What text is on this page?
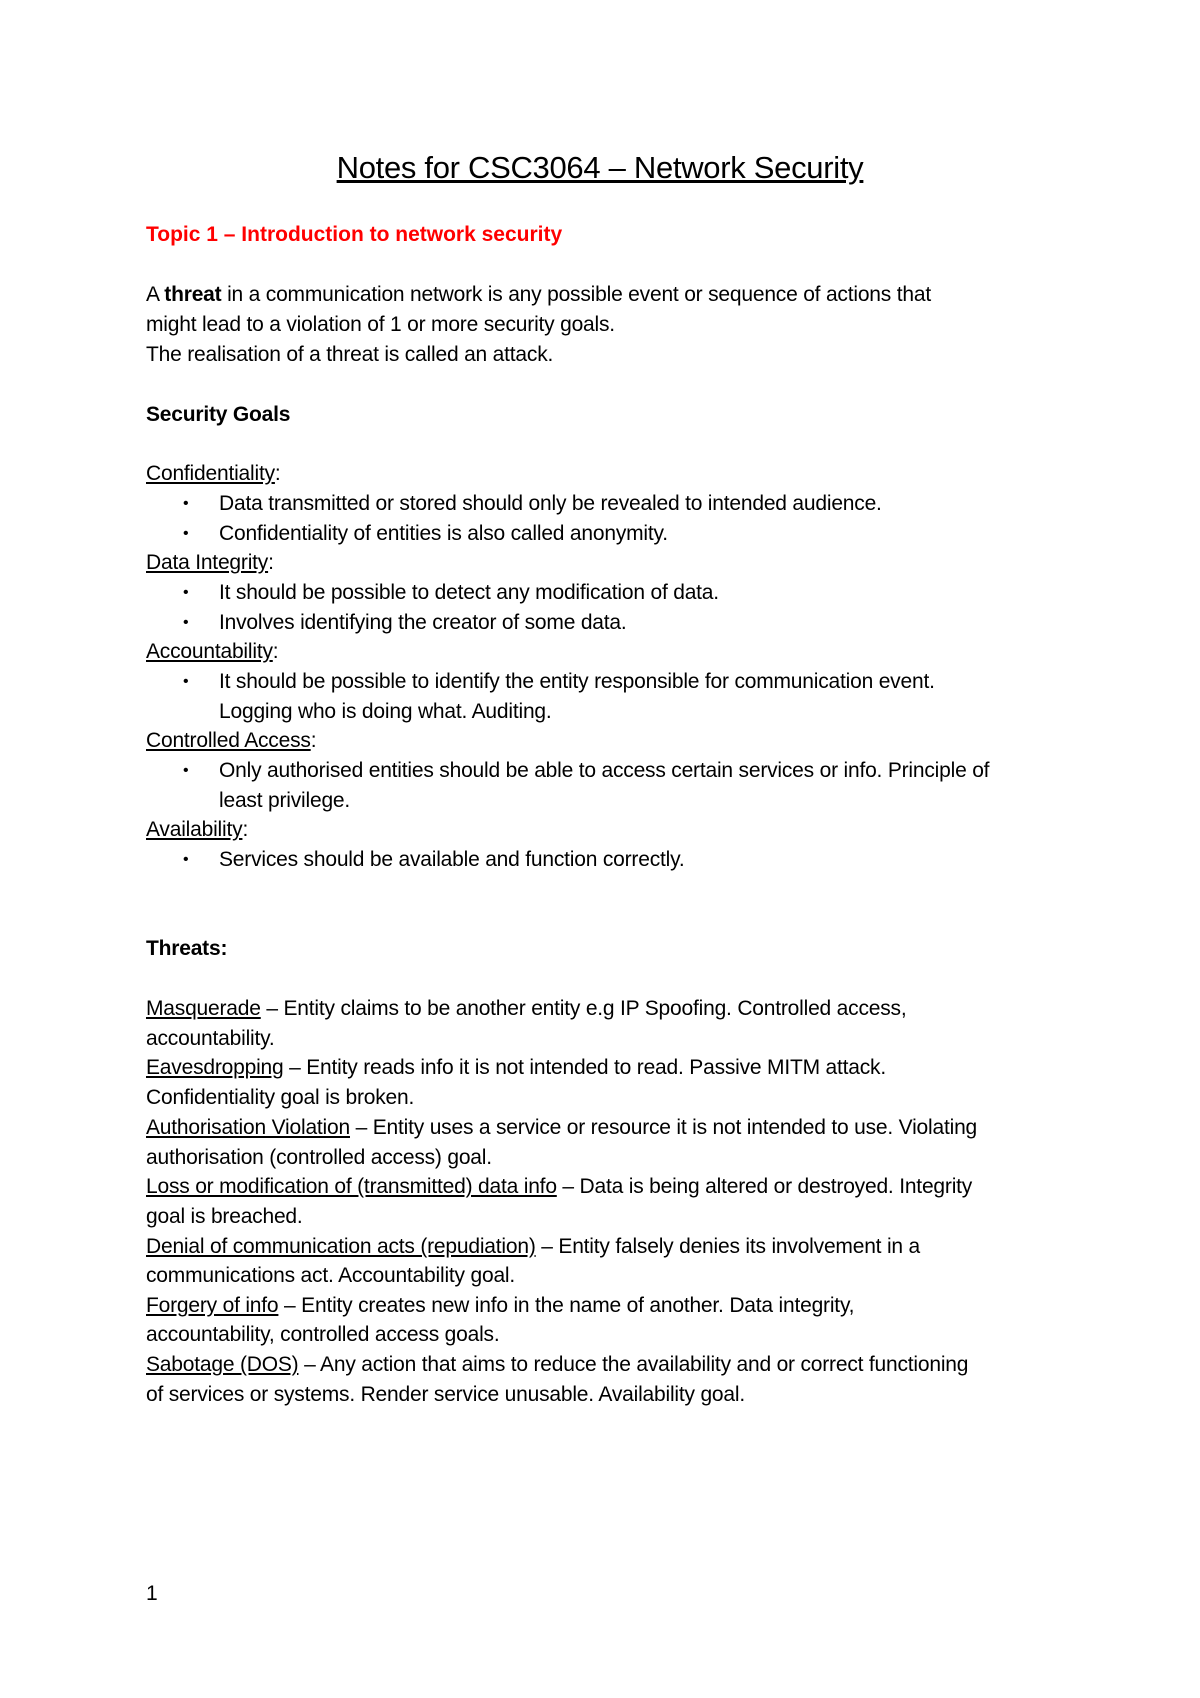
Notes for CSC3064 – Network Security
Topic 1 – Introduction to network security
A threat in a communication network is any possible event or sequence of actions that
might lead to a violation of 1 or more security goals.
The realisation of a threat is called an attack.
Security Goals
Confidentiality:
• Data transmitted or stored should only be revealed to intended audience.
• Confidentiality of entities is also called anonymity.
Data Integrity:
• It should be possible to detect any modification of data.
• Involves identifying the creator of some data.
Accountability:
• It should be possible to identify the entity responsible for communication event.
Logging who is doing what. Auditing.
Controlled Access:
• Only authorised entities should be able to access certain services or info. Principle of
least privilege.
Availability:
• Services should be available and function correctly.
Threats:
Masquerade – Entity claims to be another entity e.g IP Spoofing. Controlled access,
accountability.
Eavesdropping – Entity reads info it is not intended to read. Passive MITM attack.
Confidentiality goal is broken.
Authorisation Violation – Entity uses a service or resource it is not intended to use. Violating
authorisation (controlled access) goal.
Loss or modification of (transmitted) data info – Data is being altered or destroyed. Integrity
goal is breached.
Denial of communication acts (repudiation) – Entity falsely denies its involvement in a
communications act. Accountability goal.
Forgery of info – Entity creates new info in the name of another. Data integrity,
accountability, controlled access goals.
Sabotage (DOS) – Any action that aims to reduce the availability and or correct functioning
of services or systems. Render service unusable. Availability goal.
1
